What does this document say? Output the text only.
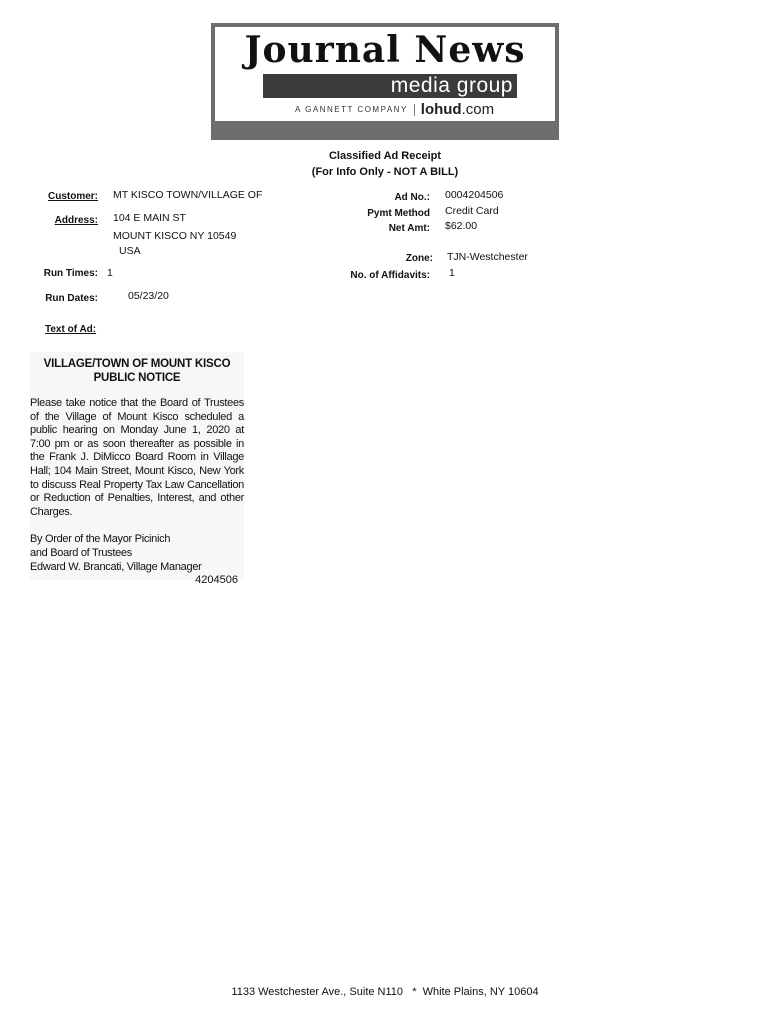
Journal News
media group
A GANNETT COMPANY lohud.com
Classified Ad Receipt
(For Info Only - NOT A BILL)
Customer: MT KISCO TOWN/VILLAGE OF
Address: 104 E MAIN ST
MOUNT KISCO NY 10549
USA
Run Times: 1
Run Dates:	05/23/20
Text of Ad:
Ad No.: 0004204506
Pymt Method Credit Card
Net Amt: $62.00
Zone: TJN-Westchester
No. of Affidavits: 1
VILLAGE/TOWN OF MOUNT KISCO
PUBLIC NOTICE
Please take notice that the Board of Trustees of the Village of Mount Kisco scheduled a public hearing on Monday June 1, 2020 at 7:00 pm or as soon thereafter as possible in the Frank J. DiMicco Board Room in Village Hall; 104 Main Street, Mount Kisco, New York to discuss Real Property Tax Law Cancellation or Reduction of Penalties, Interest, and other Charges.
By Order of the Mayor Picinich
and Board of Trustees
Edward W. Brancati, Village Manager
4204506
1133 Westchester Ave., Suite N110   *  White Plains, NY 10604
